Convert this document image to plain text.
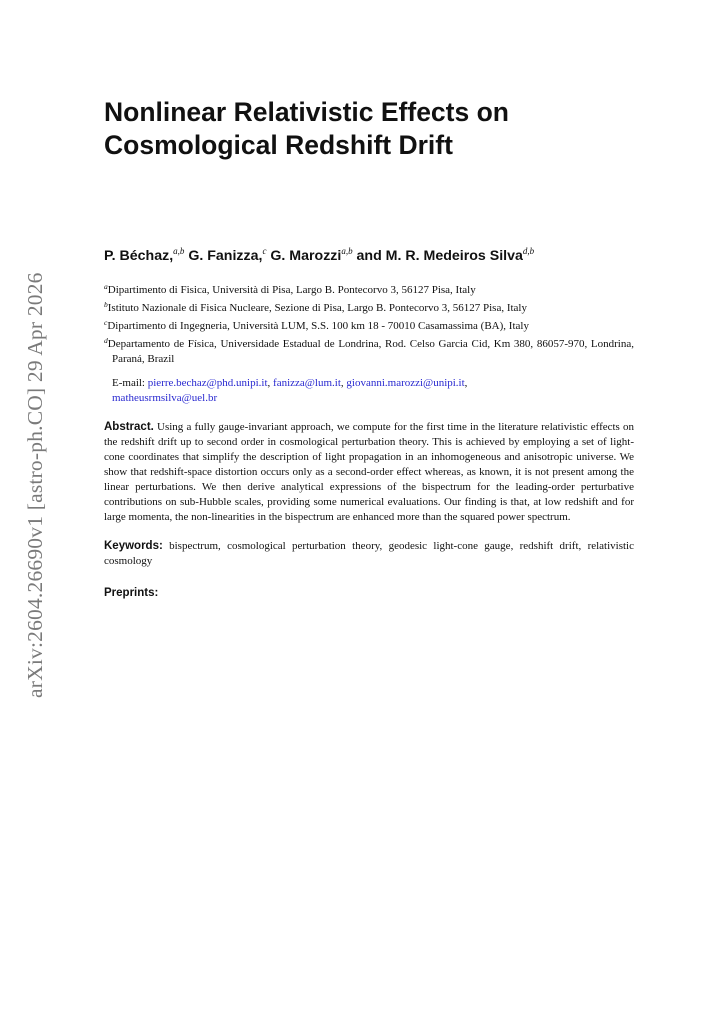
arXiv:2604.26690v1 [astro-ph.CO] 29 Apr 2026
Nonlinear Relativistic Effects on
Cosmological Redshift Drift
P. Béchaz,$^{a,b}$ G. Fanizza,$^c$ G. Marozzi$^{a,b}$ and M. R. Medeiros Silva$^{d,b}$

$^a$Dipartimento di Fisica, Università di Pisa, Largo B. Pontecorvo 3, 56127 Pisa, Italy

$^b$Istituto Nazionale di Fisica Nucleare, Sezione di Pisa, Largo B. Pontecorvo 3, 56127 Pisa, Italy

$^c$Dipartimento di Ingegneria, Università LUM, S.S. 100 km 18 - 70010 Casamassima (BA), Italy

$^d$Departamento de Física, Universidade Estadual de Londrina, Rod. Celso Garcia Cid, Km 380, 86057-970, Londrina, Paraná, Brazil

E-mail: pierre.bechaz@phd.unipi.it, fanizza@lum.it, giovanni.marozzi@unipi.it,
matheusrmsilva@uel.br
Abstract. Using a fully gauge-invariant approach, we compute for the first time in the literature relativistic effects on the redshift drift up to second order in cosmological perturbation theory. This is achieved by employing a set of light-cone coordinates that simplify the description of light propagation in an inhomogeneous and anisotropic universe. We show that redshift-space distortion occurs only as a second-order effect whereas, as known, it is not present among the linear perturbations. We then derive analytical expressions of the bispectrum for the leading-order perturbative contributions on sub-Hubble scales, providing some numerical evaluations. Our finding is that, at low redshift and for large momenta, the non-linearities in the bispectrum are enhanced more than the squared power spectrum.
Keywords: bispectrum, cosmological perturbation theory, geodesic light-cone gauge, redshift drift, relativistic cosmology
Preprints:
